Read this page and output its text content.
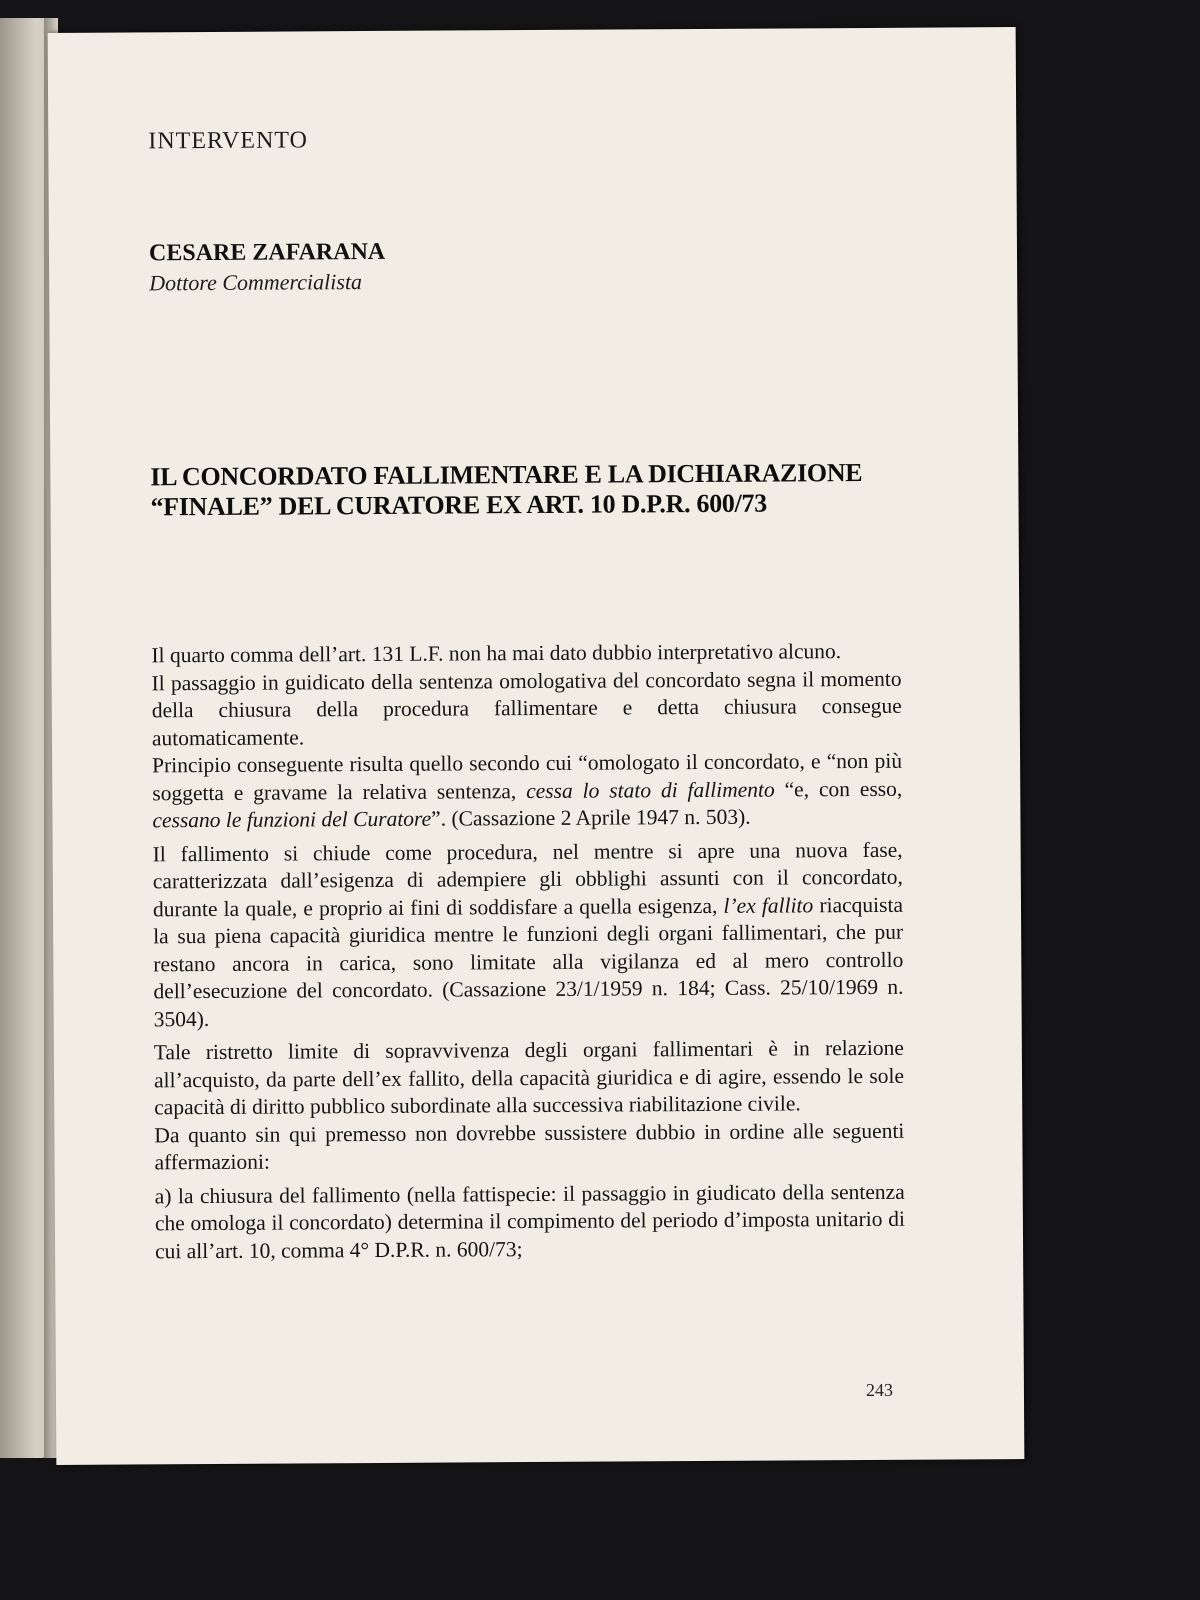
INTERVENTO
CESARE ZAFARANA
Dottore Commercialista
IL CONCORDATO FALLIMENTARE E LA DICHIARAZIONE
“FINALE” DEL CURATORE EX ART. 10 D.P.R. 600/73

Il quarto comma dell’art. 131 L.F. non ha mai dato dubbio interpretativo alcuno.

Il passaggio in guidicato della sentenza omologativa del concordato segna il momento della chiusura della procedura fallimentare e detta chiusura consegue automaticamente.

Principio conseguente risulta quello secondo cui “omologato il concordato, e “non più soggetta e gravame la relativa sentenza, cessa lo stato di fallimento “e, con esso, cessano le funzioni del Curatore”. (Cassazione 2 Aprile 1947 n. 503).

Il fallimento si chiude come procedura, nel mentre si apre una nuova fase, caratterizzata dall’esigenza di adempiere gli obblighi assunti con il concordato, durante la quale, e proprio ai fini di soddisfare a quella esigenza, l’ex fallito riacquista la sua piena capacità giuridica mentre le funzioni degli organi fallimentari, che pur restano ancora in carica, sono limitate alla vigilanza ed al mero controllo dell’esecuzione del concordato. (Cassazione 23/1/1959 n. 184; Cass. 25/10/1969 n. 3504).

Tale ristretto limite di sopravvivenza degli organi fallimentari è in relazione all’acquisto, da parte dell’ex fallito, della capacità giuridica e di agire, essendo le sole capacità di diritto pubblico subordinate alla successiva riabilitazione civile.

Da quanto sin qui premesso non dovrebbe sussistere dubbio in ordine alle seguenti affermazioni:

a) la chiusura del fallimento (nella fattispecie: il passaggio in giudicato della sentenza che omologa il concordato) determina il compimento del periodo d’imposta unitario di cui all’art. 10, comma 4° D.P.R. n. 600/73;

243
